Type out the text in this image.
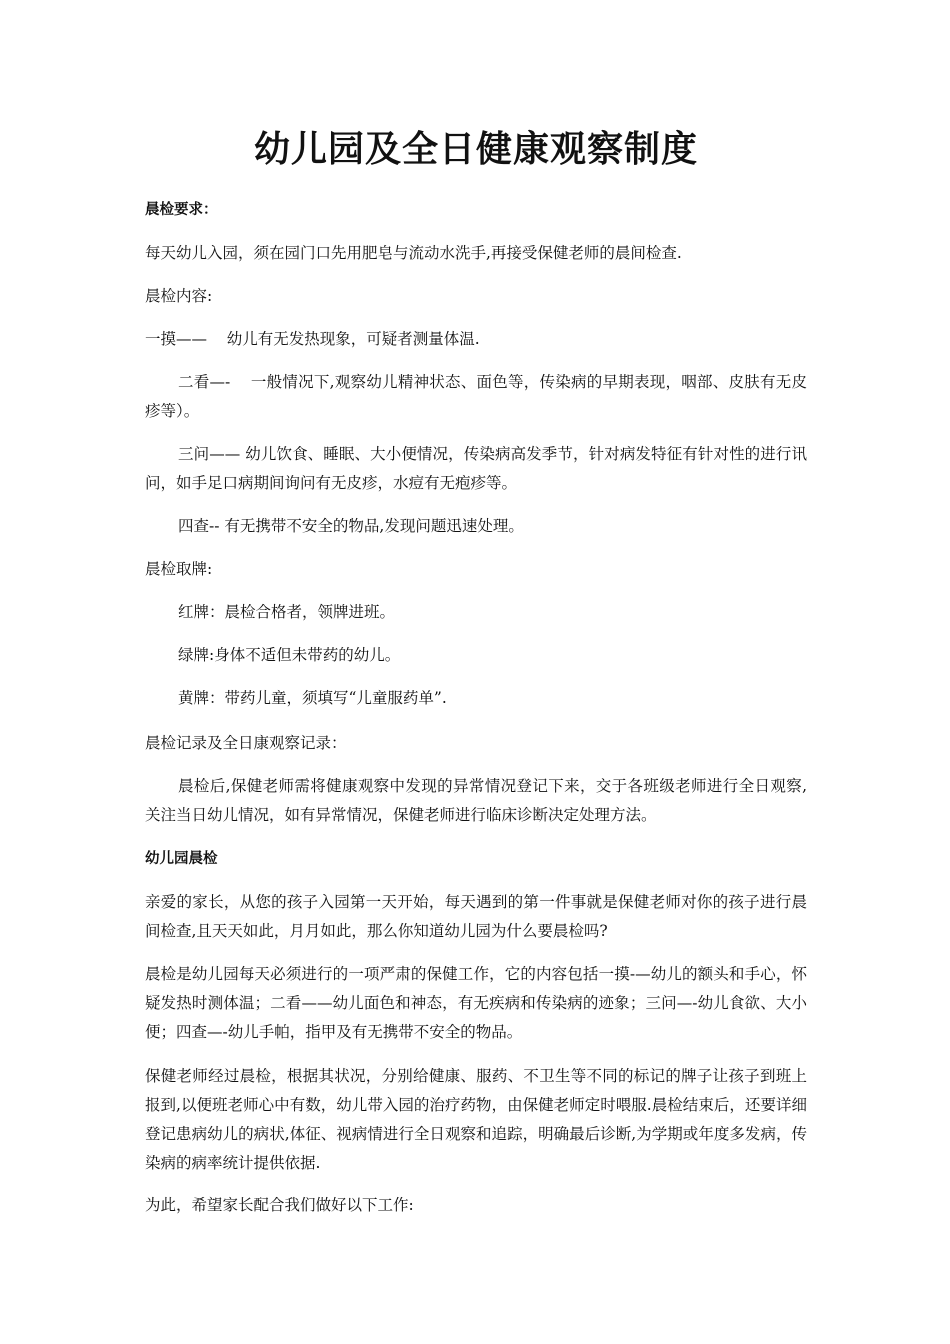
幼儿园及全日健康观察制度
晨检要求：
每天幼儿入园，须在园门口先用肥皂与流动水洗手,再接受保健老师的晨间检查.
晨检内容:
一摸——    幼儿有无发热现象，可疑者测量体温.
二看—-    一般情况下,观察幼儿精神状态、面色等，传染病的早期表现，咽部、皮肤有无皮疹等）。
三问—— 幼儿饮食、睡眠、大小便情况，传染病高发季节，针对病发特征有针对性的进行讯问，如手足口病期间询问有无皮疹，水痘有无疱疹等。
四查-- 有无携带不安全的物品,发现问题迅速处理。
晨检取牌:
红牌：晨检合格者，领牌进班。
绿牌:身体不适但未带药的幼儿。
黄牌：带药儿童，须填写“儿童服药单”.
晨检记录及全日康观察记录：
晨检后,保健老师需将健康观察中发现的异常情况登记下来，交于各班级老师进行全日观察,关注当日幼儿情况，如有异常情况，保健老师进行临床诊断决定处理方法。
幼儿园晨检
亲爱的家长，从您的孩子入园第一天开始，每天遇到的第一件事就是保健老师对你的孩子进行晨间检查,且天天如此，月月如此，那么你知道幼儿园为什么要晨检吗?
晨检是幼儿园每天必须进行的一项严肃的保健工作，它的内容包括一摸-—幼儿的额头和手心，怀疑发热时测体温；二看——幼儿面色和神态，有无疾病和传染病的迹象；三问—-幼儿食欲、大小便；四查—-幼儿手帕，指甲及有无携带不安全的物品。
保健老师经过晨检，根据其状况，分别给健康、服药、不卫生等不同的标记的牌子让孩子到班上报到,以便班老师心中有数，幼儿带入园的治疗药物，由保健老师定时喂服.晨检结束后，还要详细登记患病幼儿的病状,体征、视病情进行全日观察和追踪，明确最后诊断,为学期或年度多发病，传染病的病率统计提供依据.
为此，希望家长配合我们做好以下工作:
